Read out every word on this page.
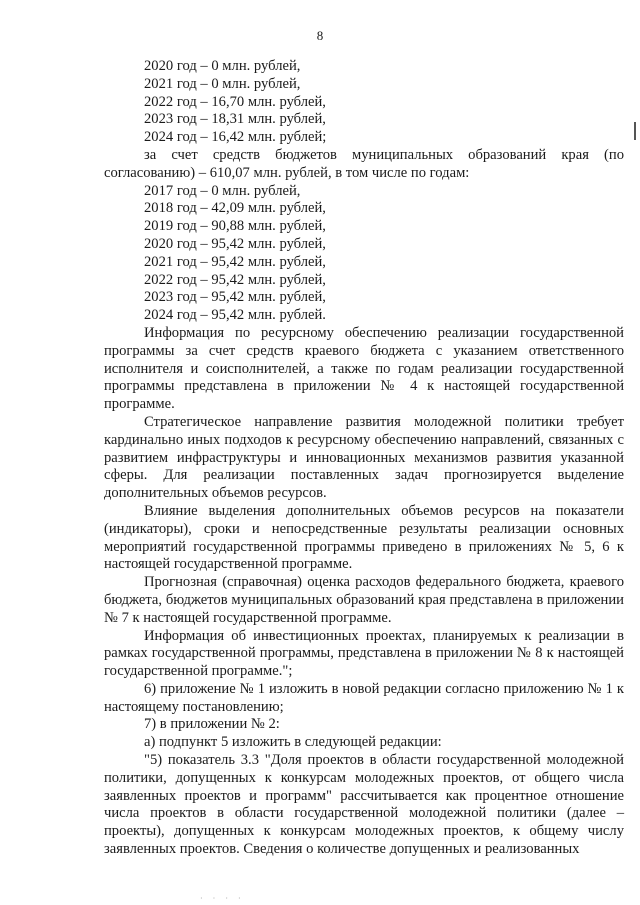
8

2020 год – 0 млн. рублей,

2021 год – 0 млн. рублей,

2022 год – 16,70 млн. рублей,

2023 год – 18,31 млн. рублей,

2024 год – 16,42 млн. рублей;

за счет средств бюджетов муниципальных образований края (по согласованию) – 610,07 млн. рублей, в том числе по годам:

2017 год – 0 млн. рублей,

2018 год – 42,09 млн. рублей,

2019 год – 90,88 млн. рублей,

2020 год – 95,42 млн. рублей,

2021 год – 95,42 млн. рублей,

2022 год – 95,42 млн. рублей,

2023 год – 95,42 млн. рублей,

2024 год – 95,42 млн. рублей.

Информация по ресурсному обеспечению реализации государственной программы за счет средств краевого бюджета с указанием ответственного исполнителя и соисполнителей, а также по годам реализации государственной программы представлена в приложении № 4 к настоящей государственной программе.

Стратегическое направление развития молодежной политики требует кардинально иных подходов к ресурсному обеспечению направлений, связанных с развитием инфраструктуры и инновационных механизмов развития указанной сферы. Для реализации поставленных задач прогнозируется выделение дополнительных объемов ресурсов.

Влияние выделения дополнительных объемов ресурсов на показатели (индикаторы), сроки и непосредственные результаты реализации основных мероприятий государственной программы приведено в приложениях № 5, 6 к настоящей государственной программе.

Прогнозная (справочная) оценка расходов федерального бюджета, краевого бюджета, бюджетов муниципальных образований края представлена в приложении № 7 к настоящей государственной программе.

Информация об инвестиционных проектах, планируемых к реализации в рамках государственной программы, представлена в приложении № 8 к настоящей государственной программе.";

6) приложение № 1 изложить в новой редакции согласно приложению № 1 к настоящему постановлению;

7) в приложении № 2:

а) подпункт 5 изложить в следующей редакции:

"5) показатель 3.3 "Доля проектов в области государственной молодежной политики, допущенных к конкурсам молодежных проектов, от общего числа заявленных проектов и программ" рассчитывается как процентное отношение числа проектов в области государственной молодежной политики (далее – проекты), допущенных к конкурсам молодежных проектов, к общему числу заявленных проектов. Сведения о количестве допущенных и реализованных

· · · ·
